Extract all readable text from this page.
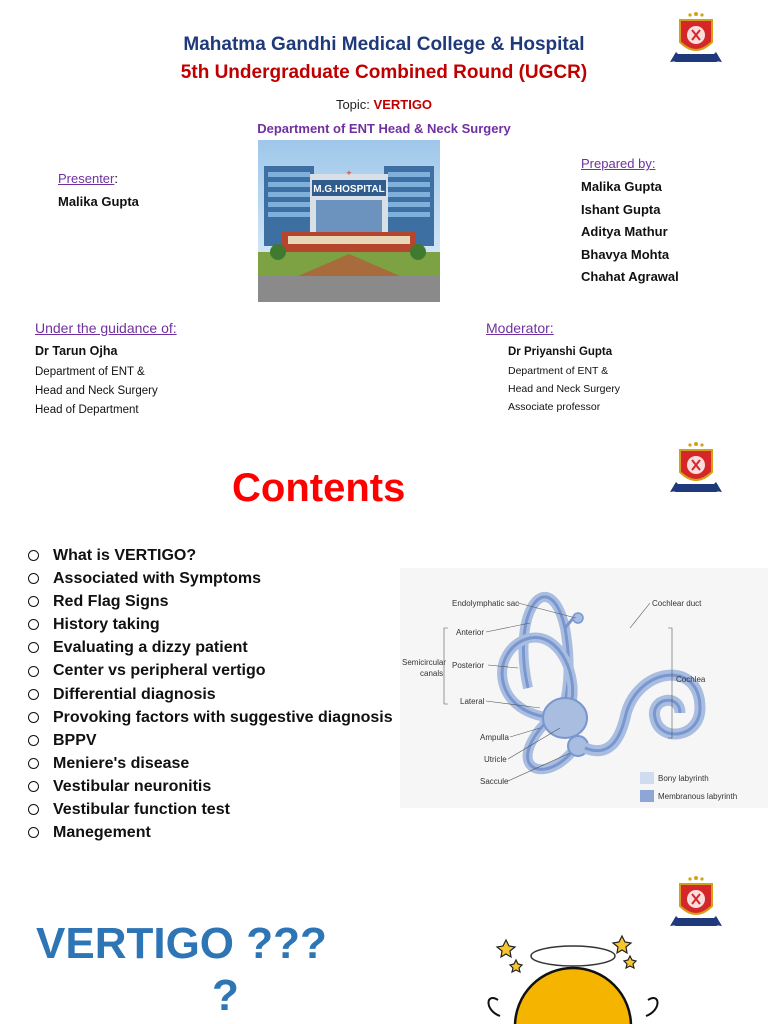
Mahatma Gandhi Medical College & Hospital
5th Undergraduate Combined Round (UGCR)
Topic: VERTIGO
Department of ENT Head & Neck Surgery
M.G.HOSPITAL
+
Presenter:
Malika Gupta
Prepared by:
Malika Gupta
Ishant Gupta
Aditya Mathur
Bhavya Mohta
Chahat Agrawal
Under the guidance of:
Dr Tarun Ojha
Department of ENT &
Head and Neck Surgery
Head of Department
Moderator:
Dr Priyanshi Gupta
Department of ENT &
Head and Neck Surgery
Associate professor
Contents
What is VERTIGO?
Associated with Symptoms
Red Flag Signs
History taking
Evaluating a dizzy patient
Center vs peripheral vertigo
Differential diagnosis
Provoking factors with suggestive diagnosis
BPPV
Meniere's disease
Vestibular neuronitis
Vestibular function test
Manegement
Endolymphatic sac	Cochlear duct
Anterior
Semicircular
canals
Posterior
Cochlea
Lateral
Ampulla
Utricle
Saccule	Bony labyrinth
Membranous labyrinth
VERTIGO ???
?
